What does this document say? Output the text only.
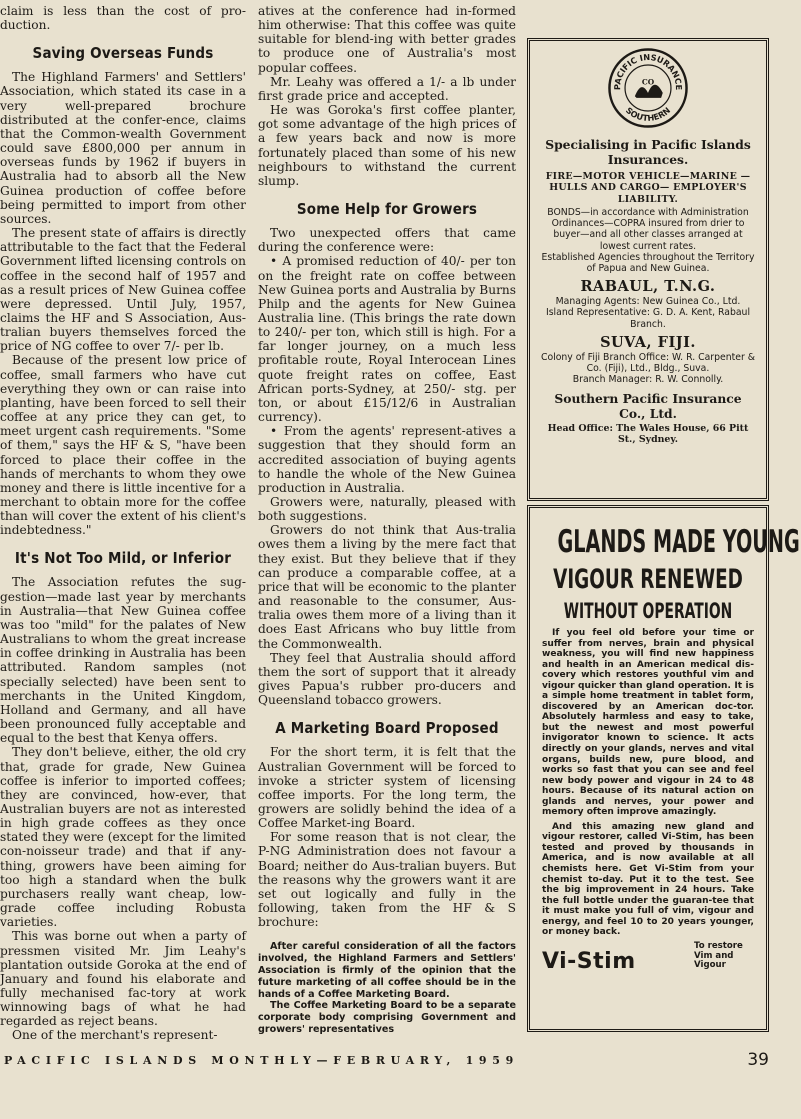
claim is less than the cost of pro-duction.

Saving Overseas Funds

The Highland Farmers' and Settlers' Association, which stated its case in a very well-prepared brochure distributed at the confer-ence, claims that the Common-wealth Government could save £800,000 per annum in overseas funds by 1962 if buyers in Australia had to absorb all the New Guinea production of coffee before being permitted to import from other sources.

The present state of affairs is directly attributable to the fact that the Federal Government lifted licensing controls on coffee in the second half of 1957 and as a result prices of New Guinea coffee were depressed. Until July, 1957, claims the HF and S Association, Aus-tralian buyers themselves forced the price of NG coffee to over 7/- per lb.

Because of the present low price of coffee, small farmers who have cut everything they own or can raise into planting, have been forced to sell their coffee at any price they can get, to meet urgent cash requirements. "Some of them," says the HF & S, "have been forced to place their coffee in the hands of merchants to whom they owe money and there is little incentive for a merchant to obtain more for the coffee than will cover the extent of his client's indebtedness."

It's Not Too Mild, or Inferior

The Association refutes the sug-gestion—made last year by merchants in Australia—that New Guinea coffee was too "mild" for the palates of New Australians to whom the great increase in coffee drinking in Australia has been attributed. Random samples (not specially selected) have been sent to merchants in the United Kingdom, Holland and Germany, and all have been pronounced fully acceptable and equal to the best that Kenya offers.

They don't believe, either, the old cry that, grade for grade, New Guinea coffee is inferior to imported coffees; they are convinced, how-ever, that Australian buyers are not as interested in high grade coffees as they once stated they were (except for the limited con-noisseur trade) and that if any-thing, growers have been aiming for too high a standard when the bulk purchasers really want cheap, low-grade coffee including Robusta varieties.

This was borne out when a party of pressmen visited Mr. Jim Leahy's plantation outside Goroka at the end of January and found his elaborate and fully mechanised fac-tory at work winnowing bags of what he had regarded as reject beans.

One of the merchant's represent-

atives at the conference had in-formed him otherwise: That this coffee was quite suitable for blend-ing with better grades to produce one of Australia's most popular coffees.

Mr. Leahy was offered a 1/- a lb under first grade price and accepted.

He was Goroka's first coffee planter, got some advantage of the high prices of a few years back and now is more fortunately placed than some of his new neighbours to withstand the current slump.

Some Help for Growers

Two unexpected offers that came during the conference were:

• A promised reduction of 40/- per ton on the freight rate on coffee between New Guinea ports and Australia by Burns Philp and the agents for New Guinea Australia line. (This brings the rate down to 240/- per ton, which still is high. For a far longer journey, on a much less profitable route, Royal Interocean Lines quote freight rates on coffee, East African ports-Sydney, at 250/- stg. per ton, or about £15/12/6 in Australian currency).

• From the agents' represent-atives a suggestion that they should form an accredited association of buying agents to handle the whole of the New Guinea production in Australia.

Growers were, naturally, pleased with both suggestions.

Growers do not think that Aus-tralia owes them a living by the mere fact that they exist. But they believe that if they can produce a comparable coffee, at a price that will be economic to the planter and reasonable to the consumer, Aus-tralia owes them more of a living than it does East Africans who buy little from the Commonwealth.

They feel that Australia should afford them the sort of support that it already gives Papua's rubber pro-ducers and Queensland tobacco growers.

A Marketing Board Proposed

For the short term, it is felt that the Australian Government will be forced to invoke a stricter system of licensing coffee imports. For the long term, the growers are solidly behind the idea of a Coffee Market-ing Board.

For some reason that is not clear, the P-NG Administration does not favour a Board; neither do Aus-tralian buyers. But the reasons why the growers want it are set out logically and fully in the following, taken from the HF & S brochure:

After careful consideration of all the factors involved, the Highland Farmers and Settlers' Association is firmly of the opinion that the future marketing of all coffee should be in the hands of a Coffee Marketing Board.

The Coffee Marketing Board to be a separate corporate body comprising Government and growers' representatives

PACIFIC INSURANCE
SOUTHERN
CO
Specialising in Pacific Islands Insurances.
FIRE—MOTOR VEHICLE—MARINE —HULLS AND CARGO— EMPLOYER'S LIABILITY.

BONDS—in accordance with Administration Ordinances—COPRA insured from drier to buyer—and all other classes arranged at lowest current rates.

Established Agencies throughout the Territory of Papua and New Guinea.

RABAUL, T.N.G.

Managing Agents: New Guinea Co., Ltd.

Island Representative: G. D. A. Kent, Rabaul Branch.

SUVA, FIJI.

Colony of Fiji Branch Office: W. R. Carpenter & Co. (Fiji), Ltd., Bldg., Suva.

Branch Manager: R. W. Connolly.

Southern Pacific Insurance Co., Ltd.

Head Office: The Wales House, 66 Pitt St., Sydney.

GLANDS MADE YOUNG
VIGOUR RENEWED
WITHOUT OPERATION

If you feel old before your time or suffer from nerves, brain and physical weakness, you will find new happiness and health in an American medical dis-covery which restores youthful vim and vigour quicker than gland operation. It is a simple home treatment in tablet form, discovered by an American doc-tor. Absolutely harmless and easy to take, but the newest and most powerful invigorator known to science. It acts directly on your glands, nerves and vital organs, builds new, pure blood, and works so fast that you can see and feel new body power and vigour in 24 to 48 hours. Because of its natural action on glands and nerves, your power and memory often improve amazingly.

And this amazing new gland and vigour restorer, called Vi-Stim, has been tested and proved by thousands in America, and is now available at all chemists here. Get Vi-Stim from your chemist to-day. Put it to the test. See the big improvement in 24 hours. Take the full bottle under the guaran-tee that it must make you full of vim, vigour and energy, and feel 10 to 20 years younger, or money back.

Vi-Stim
To restore Vim and Vigour
PACIFIC ISLANDS MONTHLY—FEBRUARY, 1959	39
